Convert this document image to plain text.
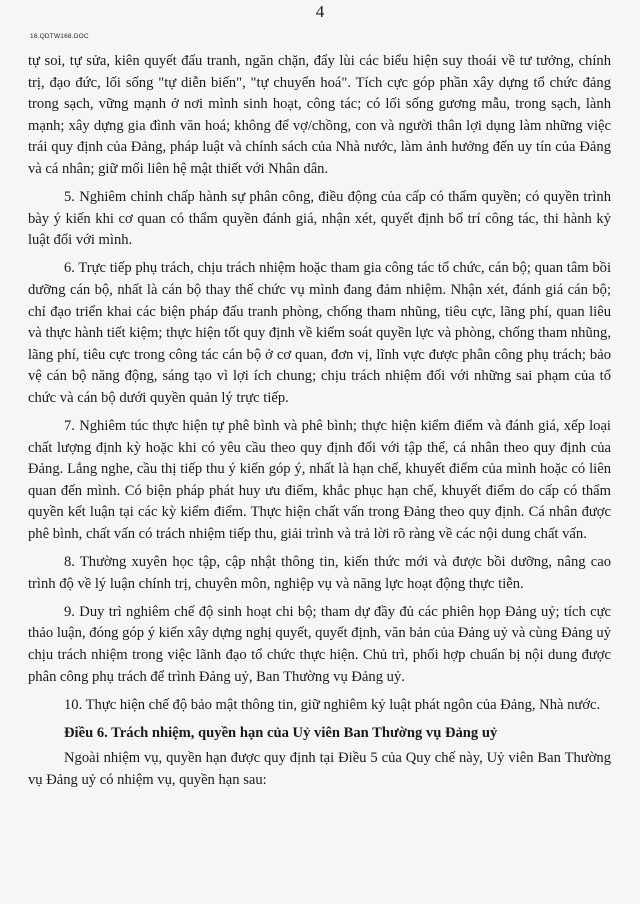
16.QDTW168.DOC
4

tự soi, tự sửa, kiên quyết đấu tranh, ngăn chặn, đẩy lùi các biểu hiện suy thoái về tư tưởng, chính trị, đạo đức, lối sống "tự diễn biến", "tự chuyển hoá". Tích cực góp phần xây dựng tổ chức đảng trong sạch, vững mạnh ở nơi mình sinh hoạt, công tác; có lối sống gương mẫu, trong sạch, lành mạnh; xây dựng gia đình văn hoá; không để vợ/chồng, con và người thân lợi dụng làm những việc trái quy định của Đảng, pháp luật và chính sách của Nhà nước, làm ảnh hưởng đến uy tín của Đảng và cá nhân; giữ mối liên hệ mật thiết với Nhân dân.

5. Nghiêm chỉnh chấp hành sự phân công, điều động của cấp có thẩm quyền; có quyền trình bày ý kiến khi cơ quan có thẩm quyền đánh giá, nhận xét, quyết định bố trí công tác, thi hành kỷ luật đối với mình.

6. Trực tiếp phụ trách, chịu trách nhiệm hoặc tham gia công tác tổ chức, cán bộ; quan tâm bồi dưỡng cán bộ, nhất là cán bộ thay thế chức vụ mình đang đảm nhiệm. Nhận xét, đánh giá cán bộ; chỉ đạo triển khai các biện pháp đấu tranh phòng, chống tham nhũng, tiêu cực, lãng phí, quan liêu và thực hành tiết kiệm; thực hiện tốt quy định về kiểm soát quyền lực và phòng, chống tham nhũng, lãng phí, tiêu cực trong công tác cán bộ ở cơ quan, đơn vị, lĩnh vực được phân công phụ trách; bảo vệ cán bộ năng động, sáng tạo vì lợi ích chung; chịu trách nhiệm đối với những sai phạm của tổ chức và cán bộ dưới quyền quản lý trực tiếp.

7. Nghiêm túc thực hiện tự phê bình và phê bình; thực hiện kiểm điểm và đánh giá, xếp loại chất lượng định kỳ hoặc khi có yêu cầu theo quy định đối với tập thể, cá nhân theo quy định của Đảng. Lắng nghe, cầu thị tiếp thu ý kiến góp ý, nhất là hạn chế, khuyết điểm của mình hoặc có liên quan đến mình. Có biện pháp phát huy ưu điểm, khắc phục hạn chế, khuyết điểm do cấp có thẩm quyền kết luận tại các kỳ kiểm điểm. Thực hiện chất vấn trong Đảng theo quy định. Cá nhân được phê bình, chất vấn có trách nhiệm tiếp thu, giải trình và trả lời rõ ràng về các nội dung chất vấn.

8. Thường xuyên học tập, cập nhật thông tin, kiến thức mới và được bồi dưỡng, nâng cao trình độ về lý luận chính trị, chuyên môn, nghiệp vụ và năng lực hoạt động thực tiễn.

9. Duy trì nghiêm chế độ sinh hoạt chi bộ; tham dự đầy đủ các phiên họp Đảng uỷ; tích cực thảo luận, đóng góp ý kiến xây dựng nghị quyết, quyết định, văn bản của Đảng uỷ và cùng Đảng uỷ chịu trách nhiệm trong việc lãnh đạo tổ chức thực hiện. Chủ trì, phối hợp chuẩn bị nội dung được phân công phụ trách để trình Đảng uỷ, Ban Thường vụ Đảng uỷ.

10. Thực hiện chế độ bảo mật thông tin, giữ nghiêm kỷ luật phát ngôn của Đảng, Nhà nước.

Điều 6. Trách nhiệm, quyền hạn của Uỷ viên Ban Thường vụ Đảng uỷ

Ngoài nhiệm vụ, quyền hạn được quy định tại Điều 5 của Quy chế này, Uỷ viên Ban Thường vụ Đảng uỷ có nhiệm vụ, quyền hạn sau:
